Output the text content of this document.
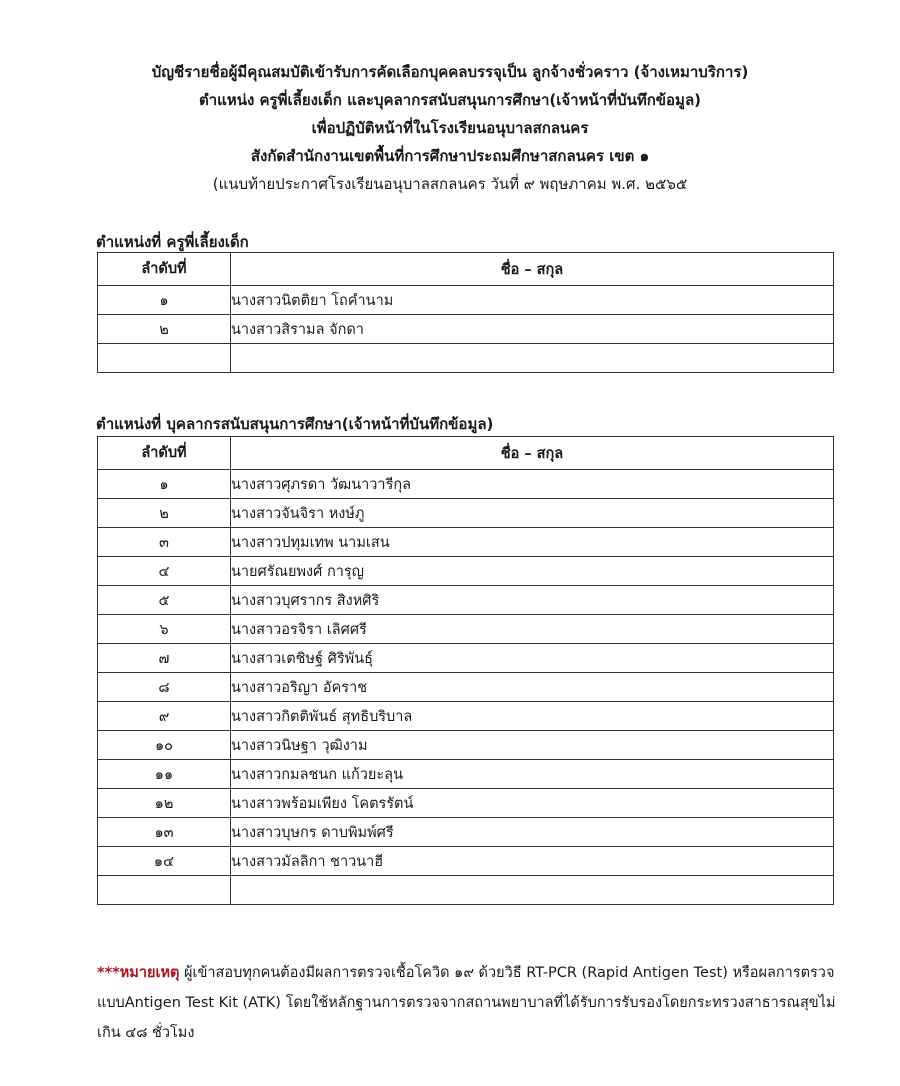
บัญชีรายชื่อผู้มีคุณสมบัติเข้ารับการคัดเลือกบุคคลบรรจุเป็น ลูกจ้างชั่วคราว (จ้างเหมาบริการ)
ตำแหน่ง ครูพี่เลี้ยงเด็ก และบุคลากรสนับสนุนการศึกษา(เจ้าหน้าที่บันทึกข้อมูล)
เพื่อปฏิบัติหน้าที่ในโรงเรียนอนุบาลสกลนคร
สังกัดสำนักงานเขตพื้นที่การศึกษาประถมศึกษาสกลนคร เขต ๑
(แนบท้ายประกาศโรงเรียนอนุบาลสกลนคร วันที่ ๙ พฤษภาคม พ.ศ. ๒๕๖๕
ตำแหน่งที่ ครูพี่เลี้ยงเด็ก
ลำดับที่	ชื่อ – สกุล
๑	นางสาวนิตติยา โถคำนาม
๒	นางสาวสิรามล จักดา

ตำแหน่งที่ บุคลากรสนับสนุนการศึกษา(เจ้าหน้าที่บันทึกข้อมูล)
ลำดับที่	ชื่อ – สกุล
๑	นางสาวศุภรดา วัฒนาวารีกุล
๒	นางสาวจันจิรา หงษ์ภู
๓	นางสาวปทุมเทพ นามเสน
๔	นายศรัณยพงศ์ การุญ
๕	นางสาวบุศรากร สิงหศิริ
๖	นางสาวอรจิรา เลิศศรี
๗	นางสาวเตชิษฐ์ ศิริพันธุ์
๘	นางสาวอริญา อัคราช
๙	นางสาวกิตติพันธ์ สุทธิบริบาล
๑๐	นางสาวนิษฐา วุฒิงาม
๑๑	นางสาวกมลชนก แก้วยะลุน
๑๒	นางสาวพร้อมเพียง โคตรรัตน์
๑๓	นางสาวบุษกร ดาบพิมพ์ศรี
๑๔	นางสาวมัลลิกา ชาวนาฮี

***หมายเหตุ ผู้เข้าสอบทุกคนต้องมีผลการตรวจเชื้อโควิด ๑๙ ด้วยวิธี RT-PCR (Rapid Antigen Test) หรือผลการตรวจแบบAntigen Test Kit (ATK) โดยใช้หลักฐานการตรวจจากสถานพยาบาลที่ได้รับการรับรองโดยกระทรวงสาธารณสุขไม่เกิน ๔๘ ชั่วโมง
